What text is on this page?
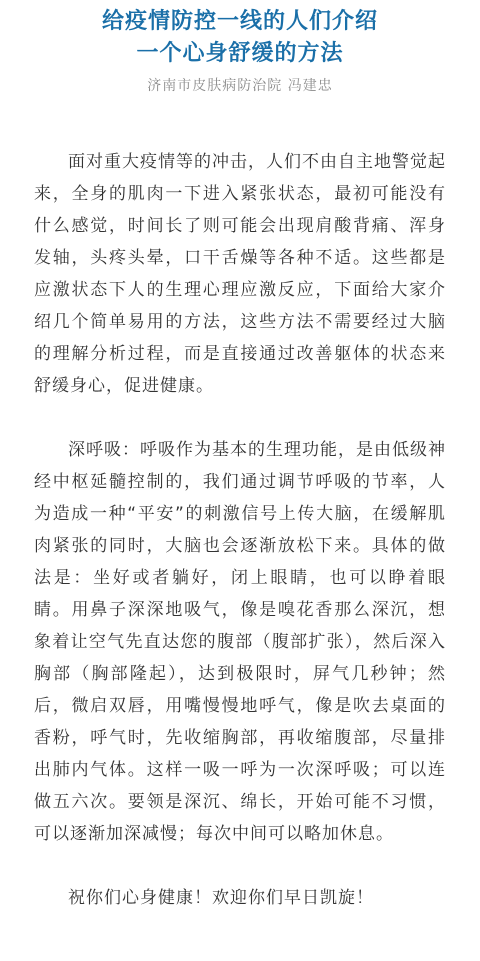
给疫情防控一线的人们介绍
一个心身舒缓的方法
济南市皮肤病防治院 冯建忠

面对重大疫情等的冲击，人们不由自主地警觉起来，全身的肌肉一下进入紧张状态，最初可能没有什么感觉，时间长了则可能会出现肩酸背痛、浑身发轴，头疼头晕，口干舌燥等各种不适。这些都是应激状态下人的生理心理应激反应，下面给大家介绍几个简单易用的方法，这些方法不需要经过大脑的理解分析过程，而是直接通过改善躯体的状态来舒缓身心，促进健康。

深呼吸：呼吸作为基本的生理功能，是由低级神经中枢延髓控制的，我们通过调节呼吸的节率，人为造成一种“平安”的刺激信号上传大脑，在缓解肌肉紧张的同时，大脑也会逐渐放松下来。具体的做法是：坐好或者躺好，闭上眼睛，也可以睁着眼睛。用鼻子深深地吸气，像是嗅花香那么深沉，想象着让空气先直达您的腹部（腹部扩张），然后深入胸部（胸部隆起），达到极限时，屏气几秒钟；然后，微启双唇，用嘴慢慢地呼气，像是吹去桌面的香粉，呼气时，先收缩胸部，再收缩腹部，尽量排出肺内气体。这样一吸一呼为一次深呼吸；可以连做五六次。要领是深沉、绵长，开始可能不习惯，可以逐渐加深减慢；每次中间可以略加休息。

祝你们心身健康！欢迎你们早日凯旋！
